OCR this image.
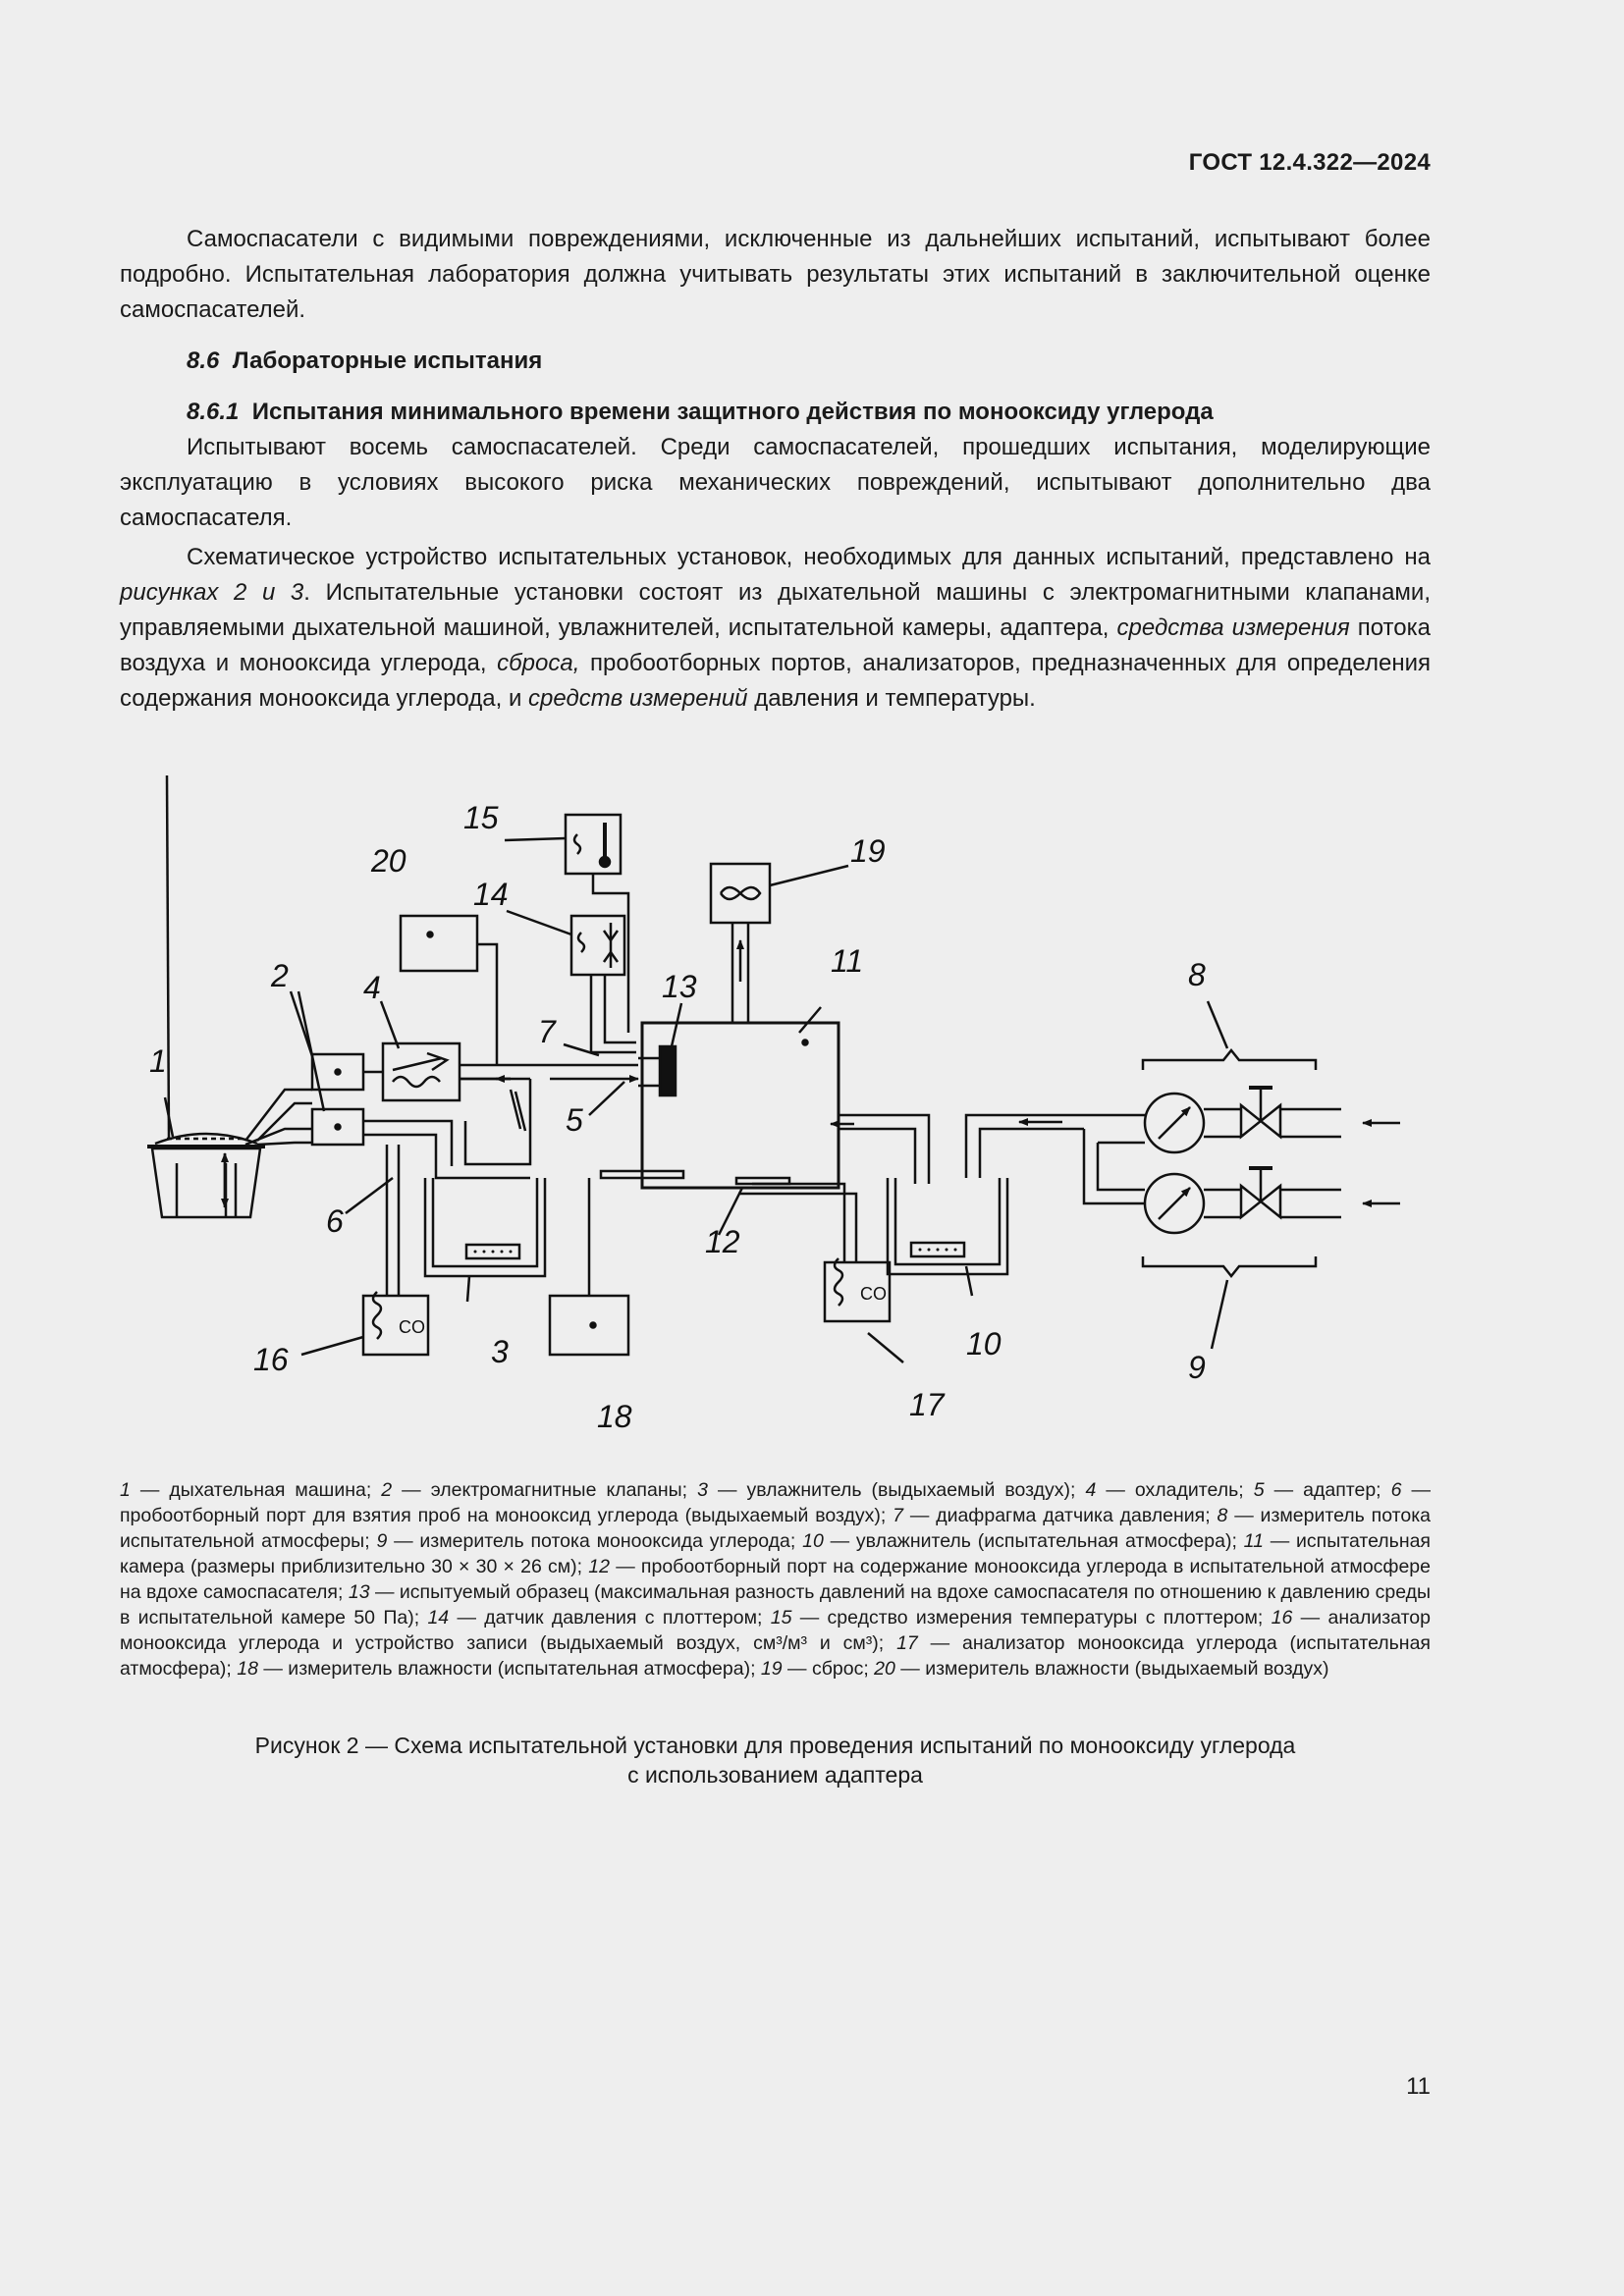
ГОСТ 12.4.322—2024

Самоспасатели с видимыми повреждениями, исключенные из дальнейших испытаний, испытывают более подробно. Испытательная лаборатория должна учитывать результаты этих испытаний в заключительной оценке самоспасателей.

8.6 Лабораторные испытания

8.6.1 Испытания минимального времени защитного действия по монооксиду углерода

Испытывают восемь самоспасателей. Среди самоспасателей, прошедших испытания, моделирующие эксплуатацию в условиях высокого риска механических повреждений, испытывают дополнительно два самоспасателя.

Схематическое устройство испытательных установок, необходимых для данных испытаний, представлено на рисунках 2 и 3. Испытательные установки состоят из дыхательной машины с электромагнитными клапанами, управляемыми дыхательной машиной, увлажнителей, испытательной камеры, адаптера, средства измерения потока воздуха и монооксида углерода, сброса, пробоотборных портов, анализаторов, предназначенных для определения содержания монооксида углерода, и средств измерений давления и температуры.

1
2
3
4
5
6
7
8
9
10
11
12
13
14
15
16
17
18
19
20
CO
CO
1 — дыхательная машина; 2 — электромагнитные клапаны; 3 — увлажнитель (выдыхаемый воздух); 4 — охладитель; 5 — адаптер; 6 — пробоотборный порт для взятия проб на монооксид углерода (выдыхаемый воздух); 7 — диафрагма датчика давления; 8 — измеритель потока испытательной атмосферы; 9 — измеритель потока монооксида углерода; 10 — увлажнитель (испытательная атмосфера); 11 — испытательная камера (размеры приблизительно 30 × 30 × 26 см); 12 — пробоотборный порт на содержание монооксида углерода в испытательной атмосфере на вдохе самоспасателя; 13 — испытуемый образец (максимальная разность давлений на вдохе самоспасателя по отношению к давлению среды в испытательной камере 50 Па); 14 — датчик давления с плоттером; 15 — средство измерения температуры с плоттером; 16 — анализатор монооксида углерода и устройство записи (выдыхаемый воздух, см³/м³ и см³); 17 — анализатор монооксида углерода (испытательная атмосфера); 18 — измеритель влажности (испытательная атмосфера); 19 — сброс; 20 — измеритель влажности (выдыхаемый воздух)
Рисунок 2 — Схема испытательной установки для проведения испытаний по монооксиду углерода
с использованием адаптера
11
